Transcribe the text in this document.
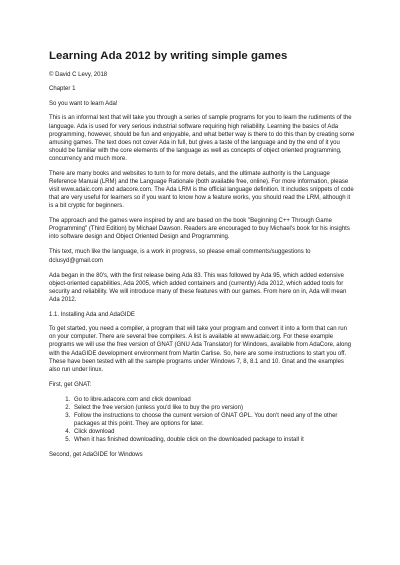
Learning Ada 2012 by writing simple games
© David C Levy, 2018
Chapter 1
So you want to learn Ada!
This is an informal text that will take you through a series of sample programs for you to learn the rudiments of the language. Ada is used for very serious industrial software requiring high reliability. Learning the basics of Ada programming, however, should be fun and enjoyable, and what better way is there to do this than by creating some amusing games. The text does not cover Ada in full, but gives a taste of the language and by the end of it you should be familiar with the core elements of the language as well as concepts of object oriented programming, concurrency and much more.
There are many books and websites to turn to for more details, and the ultimate authority is the Language Reference Manual (LRM) and the Language Rationale (both available free, online). For more information, please visit www.adaic.com and adacore.com. The Ada LRM is the official language definition. It includes snippets of code that are very useful for learners so if you want to know how a feature works, you should read the LRM, although it is a bit cryptic for beginners.
The approach and the games were inspired by and are based on the book "Beginning C++ Through Game Programming" (Third Edition) by Michael Dawson. Readers are encouraged to buy Michael's book for his insights into software design and Object Oriented Design and Programming.
This text, much like the language, is a work in progress, so please email comments/suggestions to dclusyd@gmail.com
Ada began in the 80's, with the first release being Ada 83. This was followed by Ada 95, which added extensive object-oriented capabilities, Ada 2005, which added containers and (currently) Ada 2012, which added tools for security and reliability. We will introduce many of these features with our games. From here on in, Ada will mean Ada 2012.
1.1. Installing Ada and AdaGIDE
To get started, you need a compiler, a program that will take your program and convert it into a form that can run on your computer. There are several free compilers. A list is available at www.adaic.org. For these example programs we will use the free version of GNAT (GNU Ada Translator) for Windows, available from AdaCore, along with the AdaGIDE development environment from Martin Carlise. So, here are some instructions to start you off. These have been tested with all the sample programs under Windows 7, 8, 8.1 and 10. Gnat and the examples also run under linux.
First, get GNAT:
1. Go to libre.adacore.com and click download
2. Select the free version (unless you'd like to buy the pro version)
3. Follow the instructions to choose the current version of GNAT GPL. You don't need any of the other packages at this point. They are options for later.
4. Click download
5. When it has finished downloading, double click on the downloaded package to install it
Second, get AdaGIDE for Windows
